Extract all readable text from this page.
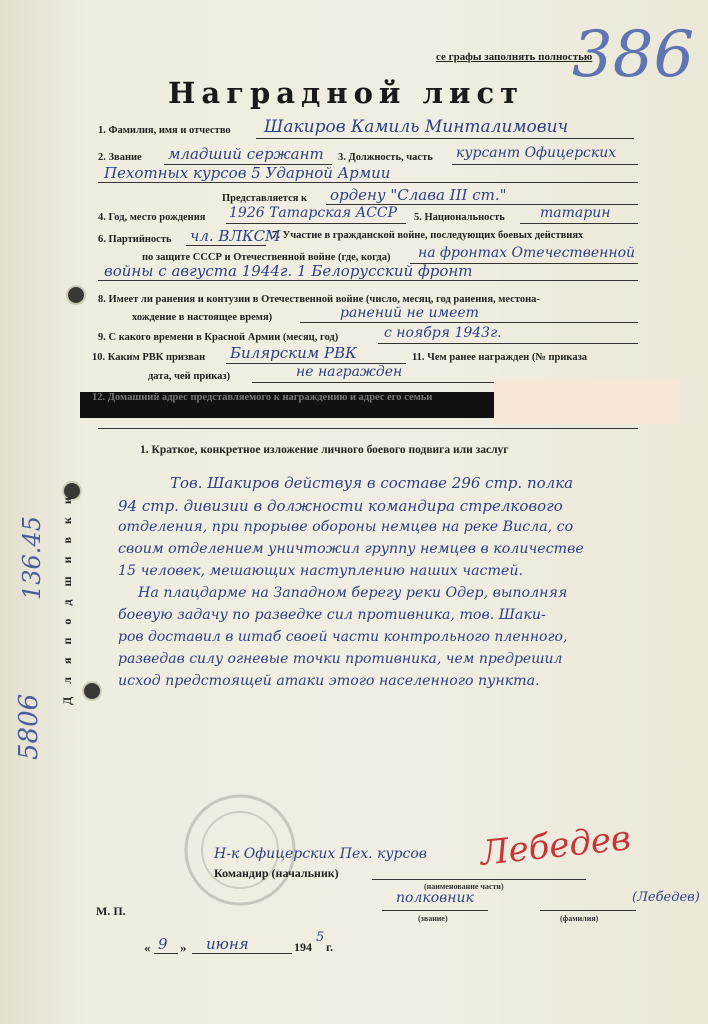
Д л я п о д ш и в к и
5806
136.45
се графы заполнять полностью
386
Наградной лист
1. Фамилия, имя и отчество Шакиров Камиль Минталимович
2. Звание младший сержант 3. Должность, часть курсант Офицерских
Пехотных курсов 5 Ударной Армии
Представляется к ордену "Слава III ст."
4. Год, место рождения 1926 Татарская АССР 5. Национальность	татарин
6. Партийность чл. ВЛКСМ
7. Участие в гражданской войне, последующих боевых действиях
по защите СССР и Отечественной войне (где, когда) на фронтах Отечественной
войны с августа 1944г. 1 Белорусский фронт
8. Имеет ли ранения и контузии в Отечественной войне (число, месяц, год ранения, местона-
хождение в настоящее время)	ранений не имеет
9. С какого времени в Красной Армии (месяц, год)	с ноября 1943г.
10. Каким РВК призван Билярским РВК	11. Чем ранее награжден (№ приказа
дата, чей приказ)	не награжден
12. Домашний адрес представляемого к награждению и адрес его семьи
1. Краткое, конкретное изложение личного боевого подвига или заслуг
Тов. Шакиров действуя в составе 296 стр. полка
94 стр. дивизии в должности командира стрелкового
отделения, при прорыве обороны немцев на реке Висла, со
своим отделением уничтожил группу немцев в количестве
15 человек, мешающих наступлению наших частей.
На плацдарме на Западном берегу реки Одер, выполняя
боевую задачу по разведке сил противника, тов. Шаки-
ров доставил в штаб своей части контрольного пленного,
разведав силу огневые точки противника, чем предрешил
исход предстоящей атаки этого населенного пункта.
Н-к Офицерских Пех. курсов
Командир (начальник)
(наименование части)
Лебедев
полковник
(звание)
(Лебедев)
(фамилия)
М. П.
« 9 » июня	194
5
г.
